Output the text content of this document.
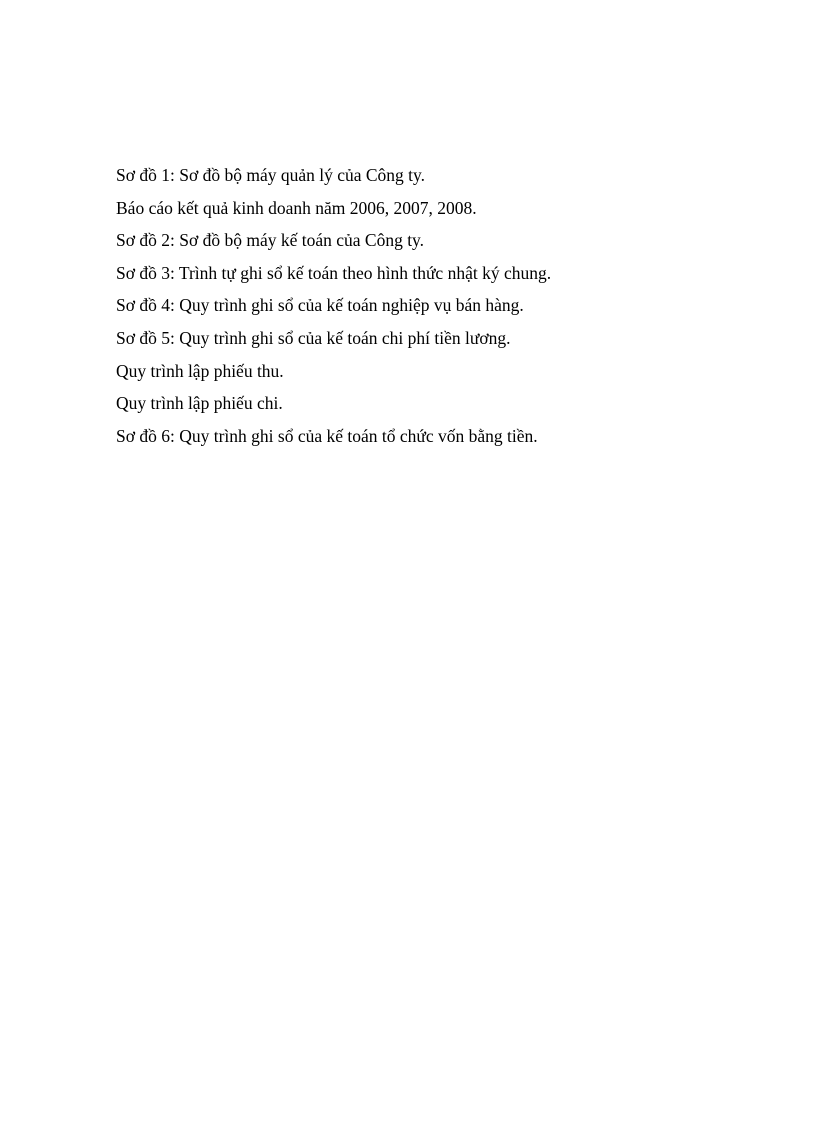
Sơ đồ 1: Sơ đồ bộ máy quản lý của Công ty.
Báo cáo kết quả kinh doanh năm 2006, 2007, 2008.
Sơ đồ 2: Sơ đồ bộ máy kế toán của Công ty.
Sơ đồ 3: Trình tự ghi sổ kế toán theo hình thức nhật ký chung.
Sơ đồ 4: Quy trình ghi sổ của kế toán nghiệp vụ bán hàng.
Sơ đồ 5: Quy trình ghi sổ của kế toán chi phí tiền lương.
Quy trình lập phiếu thu.
Quy trình lập phiếu chi.
Sơ đồ 6: Quy trình ghi sổ của kế toán tổ chức vốn bằng tiền.
